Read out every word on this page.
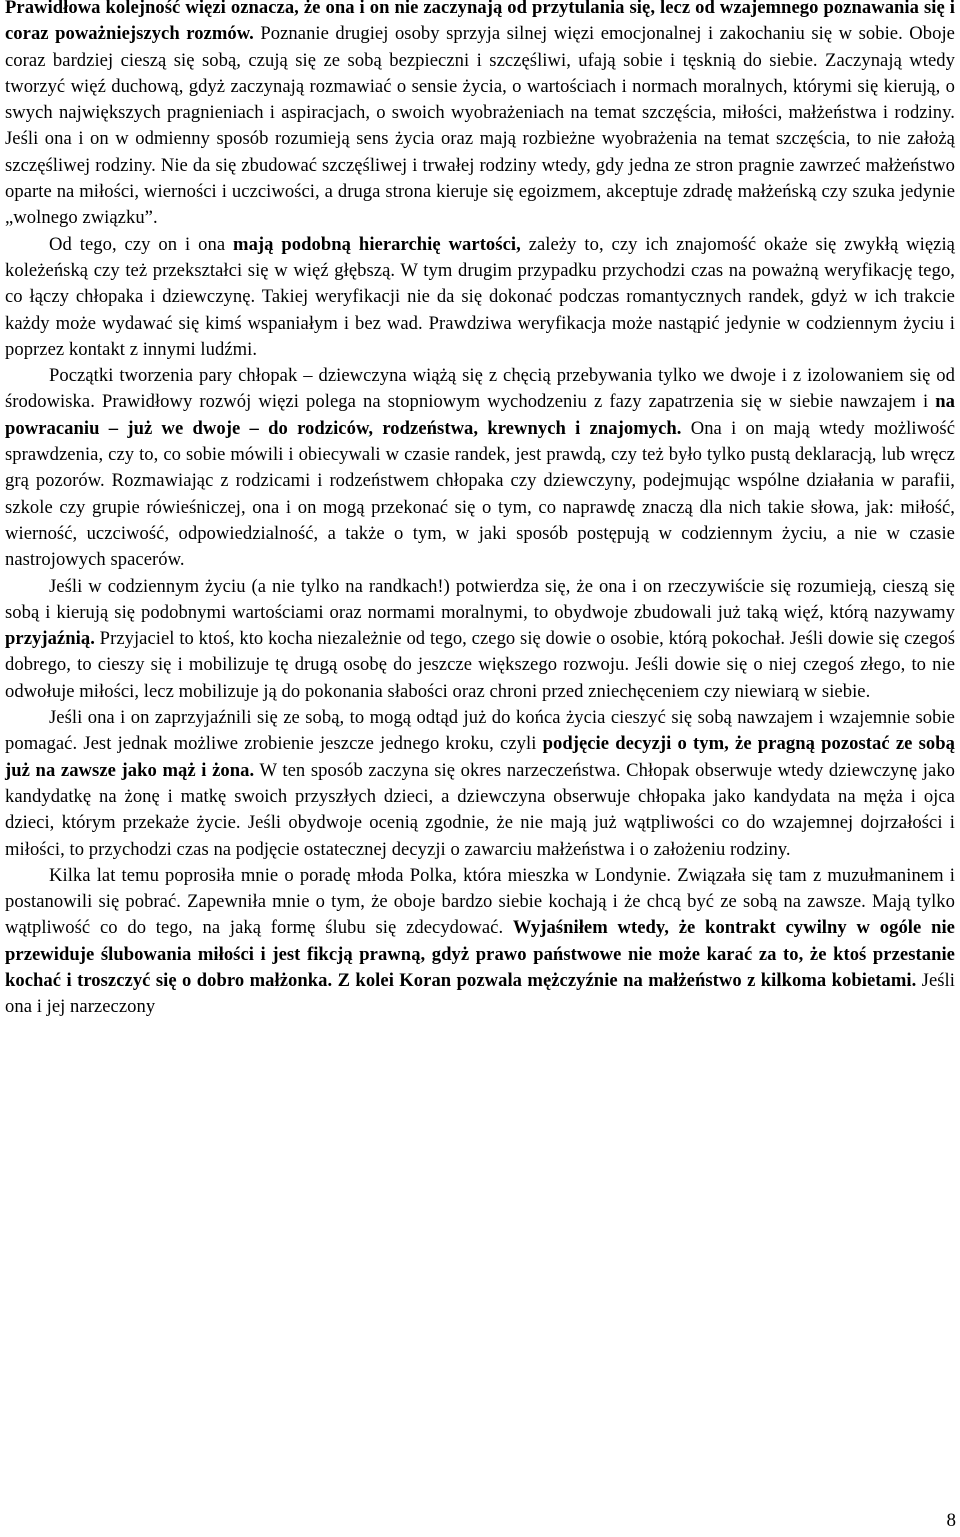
Prawidłowa kolejność więzi oznacza, że ona i on nie zaczynają od przytulania się, lecz od wzajemnego poznawania się i coraz poważniejszych rozmów. Poznanie drugiej osoby sprzyja silnej więzi emocjonalnej i zakochaniu się w sobie. Oboje coraz bardziej cieszą się sobą, czują się ze sobą bezpieczni i szczęśliwi, ufają sobie i tęsknią do siebie. Zaczynają wtedy tworzyć więź duchową, gdyż zaczynają rozmawiać o sensie życia, o wartościach i normach moralnych, którymi się kierują, o swych największych pragnieniach i aspiracjach, o swoich wyobrażeniach na temat szczęścia, miłości, małżeństwa i rodziny. Jeśli ona i on w odmienny sposób rozumieją sens życia oraz mają rozbieżne wyobrażenia na temat szczęścia, to nie założą szczęśliwej rodziny. Nie da się zbudować szczęśliwej i trwałej rodziny wtedy, gdy jedna ze stron pragnie zawrzeć małżeństwo oparte na miłości, wierności i uczciwości, a druga strona kieruje się egoizmem, akceptuje zdradę małżeńską czy szuka jedynie „wolnego związku”.

Od tego, czy on i ona mają podobną hierarchię wartości, zależy to, czy ich znajomość okaże się zwykłą więzią koleżeńską czy też przekształci się w więź głębszą. W tym drugim przypadku przychodzi czas na poważną weryfikację tego, co łączy chłopaka i dziewczynę. Takiej weryfikacji nie da się dokonać podczas romantycznych randek, gdyż w ich trakcie każdy może wydawać się kimś wspaniałym i bez wad. Prawdziwa weryfikacja może nastąpić jedynie w codziennym życiu i poprzez kontakt z innymi ludźmi.

Początki tworzenia pary chłopak – dziewczyna wiążą się z chęcią przebywania tylko we dwoje i z izolowaniem się od środowiska. Prawidłowy rozwój więzi polega na stopniowym wychodzeniu z fazy zapatrzenia się w siebie nawzajem i na powracaniu – już we dwoje – do rodziców, rodzeństwa, krewnych i znajomych. Ona i on mają wtedy możliwość sprawdzenia, czy to, co sobie mówili i obiecywali w czasie randek, jest prawdą, czy też było tylko pustą deklaracją, lub wręcz grą pozorów. Rozmawiając z rodzicami i rodzeństwem chłopaka czy dziewczyny, podejmując wspólne działania w parafii, szkole czy grupie rówieśniczej, ona i on mogą przekonać się o tym, co naprawdę znaczą dla nich takie słowa, jak: miłość, wierność, uczciwość, odpowiedzialność, a także o tym, w jaki sposób postępują w codziennym życiu, a nie w czasie nastrojowych spacerów.

Jeśli w codziennym życiu (a nie tylko na randkach!) potwierdza się, że ona i on rzeczywiście się rozumieją, cieszą się sobą i kierują się podobnymi wartościami oraz normami moralnymi, to obydwoje zbudowali już taką więź, którą nazywamy przyjaźnią. Przyjaciel to ktoś, kto kocha niezależnie od tego, czego się dowie o osobie, którą pokochał. Jeśli dowie się czegoś dobrego, to cieszy się i mobilizuje tę drugą osobę do jeszcze większego rozwoju. Jeśli dowie się o niej czegoś złego, to nie odwołuje miłości, lecz mobilizuje ją do pokonania słabości oraz chroni przed zniechęceniem czy niewiarą w siebie.

Jeśli ona i on zaprzyjaźnili się ze sobą, to mogą odtąd już do końca życia cieszyć się sobą nawzajem i wzajemnie sobie pomagać. Jest jednak możliwe zrobienie jeszcze jednego kroku, czyli podjęcie decyzji o tym, że pragną pozostać ze sobą już na zawsze jako mąż i żona. W ten sposób zaczyna się okres narzeczeństwa. Chłopak obserwuje wtedy dziewczynę jako kandydatkę na żonę i matkę swoich przyszłych dzieci, a dziewczyna obserwuje chłopaka jako kandydata na męża i ojca dzieci, którym przekaże życie. Jeśli obydwoje ocenią zgodnie, że nie mają już wątpliwości co do wzajemnej dojrzałości i miłości, to przychodzi czas na podjęcie ostatecznej decyzji o zawarciu małżeństwa i o założeniu rodziny.

Kilka lat temu poprosiła mnie o poradę młoda Polka, która mieszka w Londynie. Związała się tam z muzułmaninem i postanowili się pobrać. Zapewniła mnie o tym, że oboje bardzo siebie kochają i że chcą być ze sobą na zawsze. Mają tylko wątpliwość co do tego, na jaką formę ślubu się zdecydować. Wyjaśniłem wtedy, że kontrakt cywilny w ogóle nie przewiduje ślubowania miłości i jest fikcją prawną, gdyż prawo państwowe nie może karać za to, że ktoś przestanie kochać i troszczyć się o dobro małżonka. Z kolei Koran pozwala mężczyźnie na małżeństwo z kilkoma kobietami. Jeśli ona i jej narzeczony

8
